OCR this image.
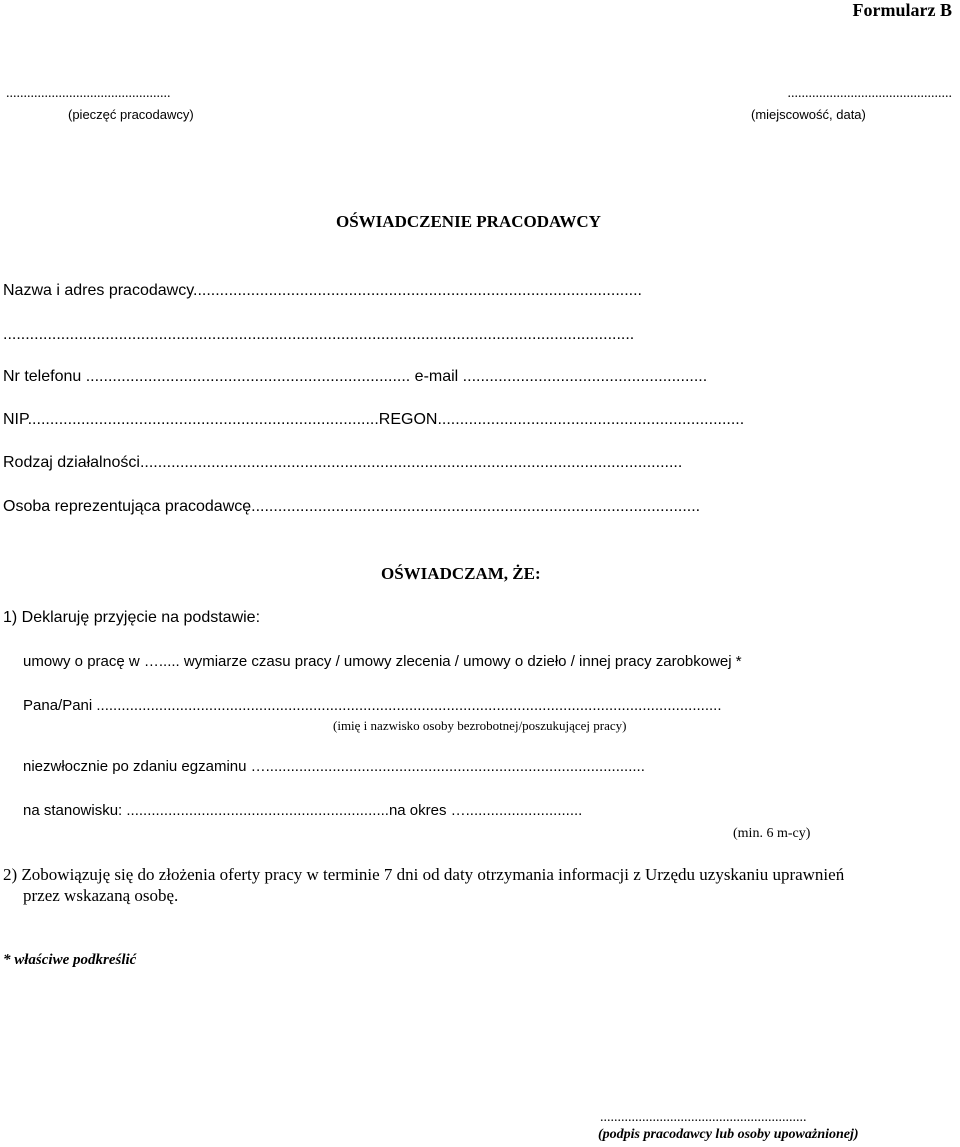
Formularz B
...............................................
(pieczęć pracodawcy)
...............................................
(miejscowość, data)
OŚWIADCZENIE PRACODAWCY
Nazwa i adres pracodawcy.....................................................................................................
..............................................................................................................................................
Nr telefonu ......................................................................... e-mail .......................................................
NIP...............................................................................REGON.....................................................................
Rodzaj działalności..........................................................................................................................
Osoba reprezentująca pracodawcę.....................................................................................................
OŚWIADCZAM, ŻE:
1) Deklaruję przyjęcie na podstawie:
umowy o pracę w …..... wymiarze czasu pracy / umowy zlecenia / umowy o dzieło / innej pracy zarobkowej *
Pana/Pani ......................................................................................................................................................
(imię i nazwisko osoby bezrobotnej/poszukującej pracy)
niezwłocznie po zdaniu egzaminu …...........................................................................................
na stanowisku: ...............................................................na okres …............................
(min. 6 m-cy)
2) Zobowiązuję się do złożenia oferty pracy w terminie 7 dni od daty otrzymania informacji z Urzędu uzyskaniu uprawnień
przez wskazaną osobę.
* właściwe podkreślić
...........................................................
(podpis pracodawcy lub osoby upoważnionej)
